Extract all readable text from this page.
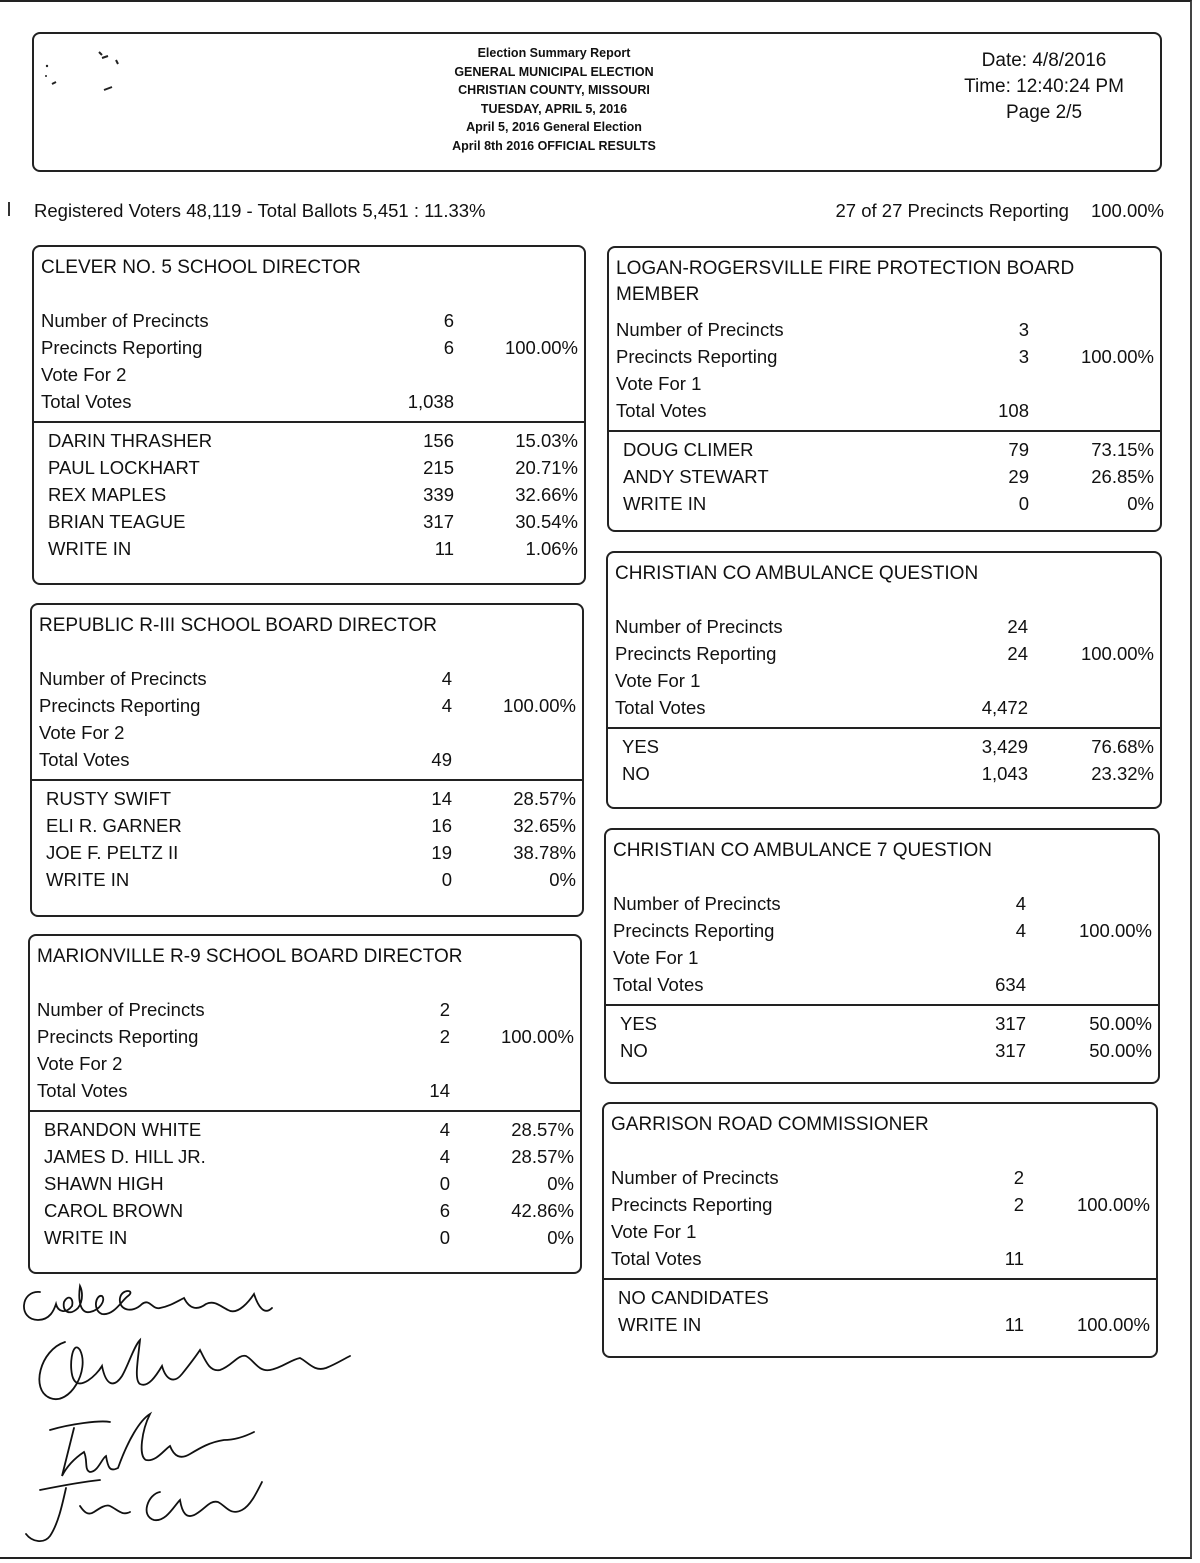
Election Summary Report
GENERAL MUNICIPAL ELECTION
CHRISTIAN COUNTY, MISSOURI
TUESDAY, APRIL 5, 2016
April 5, 2016 General Election
April 8th 2016 OFFICIAL RESULTS
Date: 4/8/2016
Time: 12:40:24 PM
Page 2/5
Registered Voters 48,119 - Total Ballots 5,451 : 11.33%	27 of 27 Precincts Reporting 100.00%
CLEVER NO. 5 SCHOOL DIRECTOR
Number of Precincts	6
Precincts Reporting	6	100.00%
Vote For 2
Total Votes	1,038
DARIN THRASHER	156	15.03%
PAUL LOCKHART	215	20.71%
REX MAPLES	339	32.66%
BRIAN TEAGUE	317	30.54%
WRITE IN	11	1.06%
REPUBLIC R-III SCHOOL BOARD DIRECTOR
Number of Precincts	4
Precincts Reporting	4	100.00%
Vote For 2
Total Votes	49
RUSTY SWIFT	14	28.57%
ELI R. GARNER	16	32.65%
JOE F. PELTZ II	19	38.78%
WRITE IN	0	0%
MARIONVILLE R-9 SCHOOL BOARD DIRECTOR
Number of Precincts	2
Precincts Reporting	2	100.00%
Vote For 2
Total Votes	14
BRANDON WHITE	4	28.57%
JAMES D. HILL JR.	4	28.57%
SHAWN HIGH	0	0%
CAROL BROWN	6	42.86%
WRITE IN	0	0%
LOGAN-ROGERSVILLE FIRE PROTECTION BOARD MEMBER
Number of Precincts	3
Precincts Reporting	3	100.00%
Vote For 1
Total Votes	108
DOUG CLIMER	79	73.15%
ANDY STEWART	29	26.85%
WRITE IN	0	0%
CHRISTIAN CO AMBULANCE QUESTION
Number of Precincts	24
Precincts Reporting	24	100.00%
Vote For 1
Total Votes	4,472
YES	3,429	76.68%
NO	1,043	23.32%
CHRISTIAN CO AMBULANCE 7 QUESTION
Number of Precincts	4
Precincts Reporting	4	100.00%
Vote For 1
Total Votes	634
YES	317	50.00%
NO	317	50.00%
GARRISON ROAD COMMISSIONER
Number of Precincts	2
Precincts Reporting	2	100.00%
Vote For 1
Total Votes	11
NO CANDIDATES
WRITE IN	11	100.00%
